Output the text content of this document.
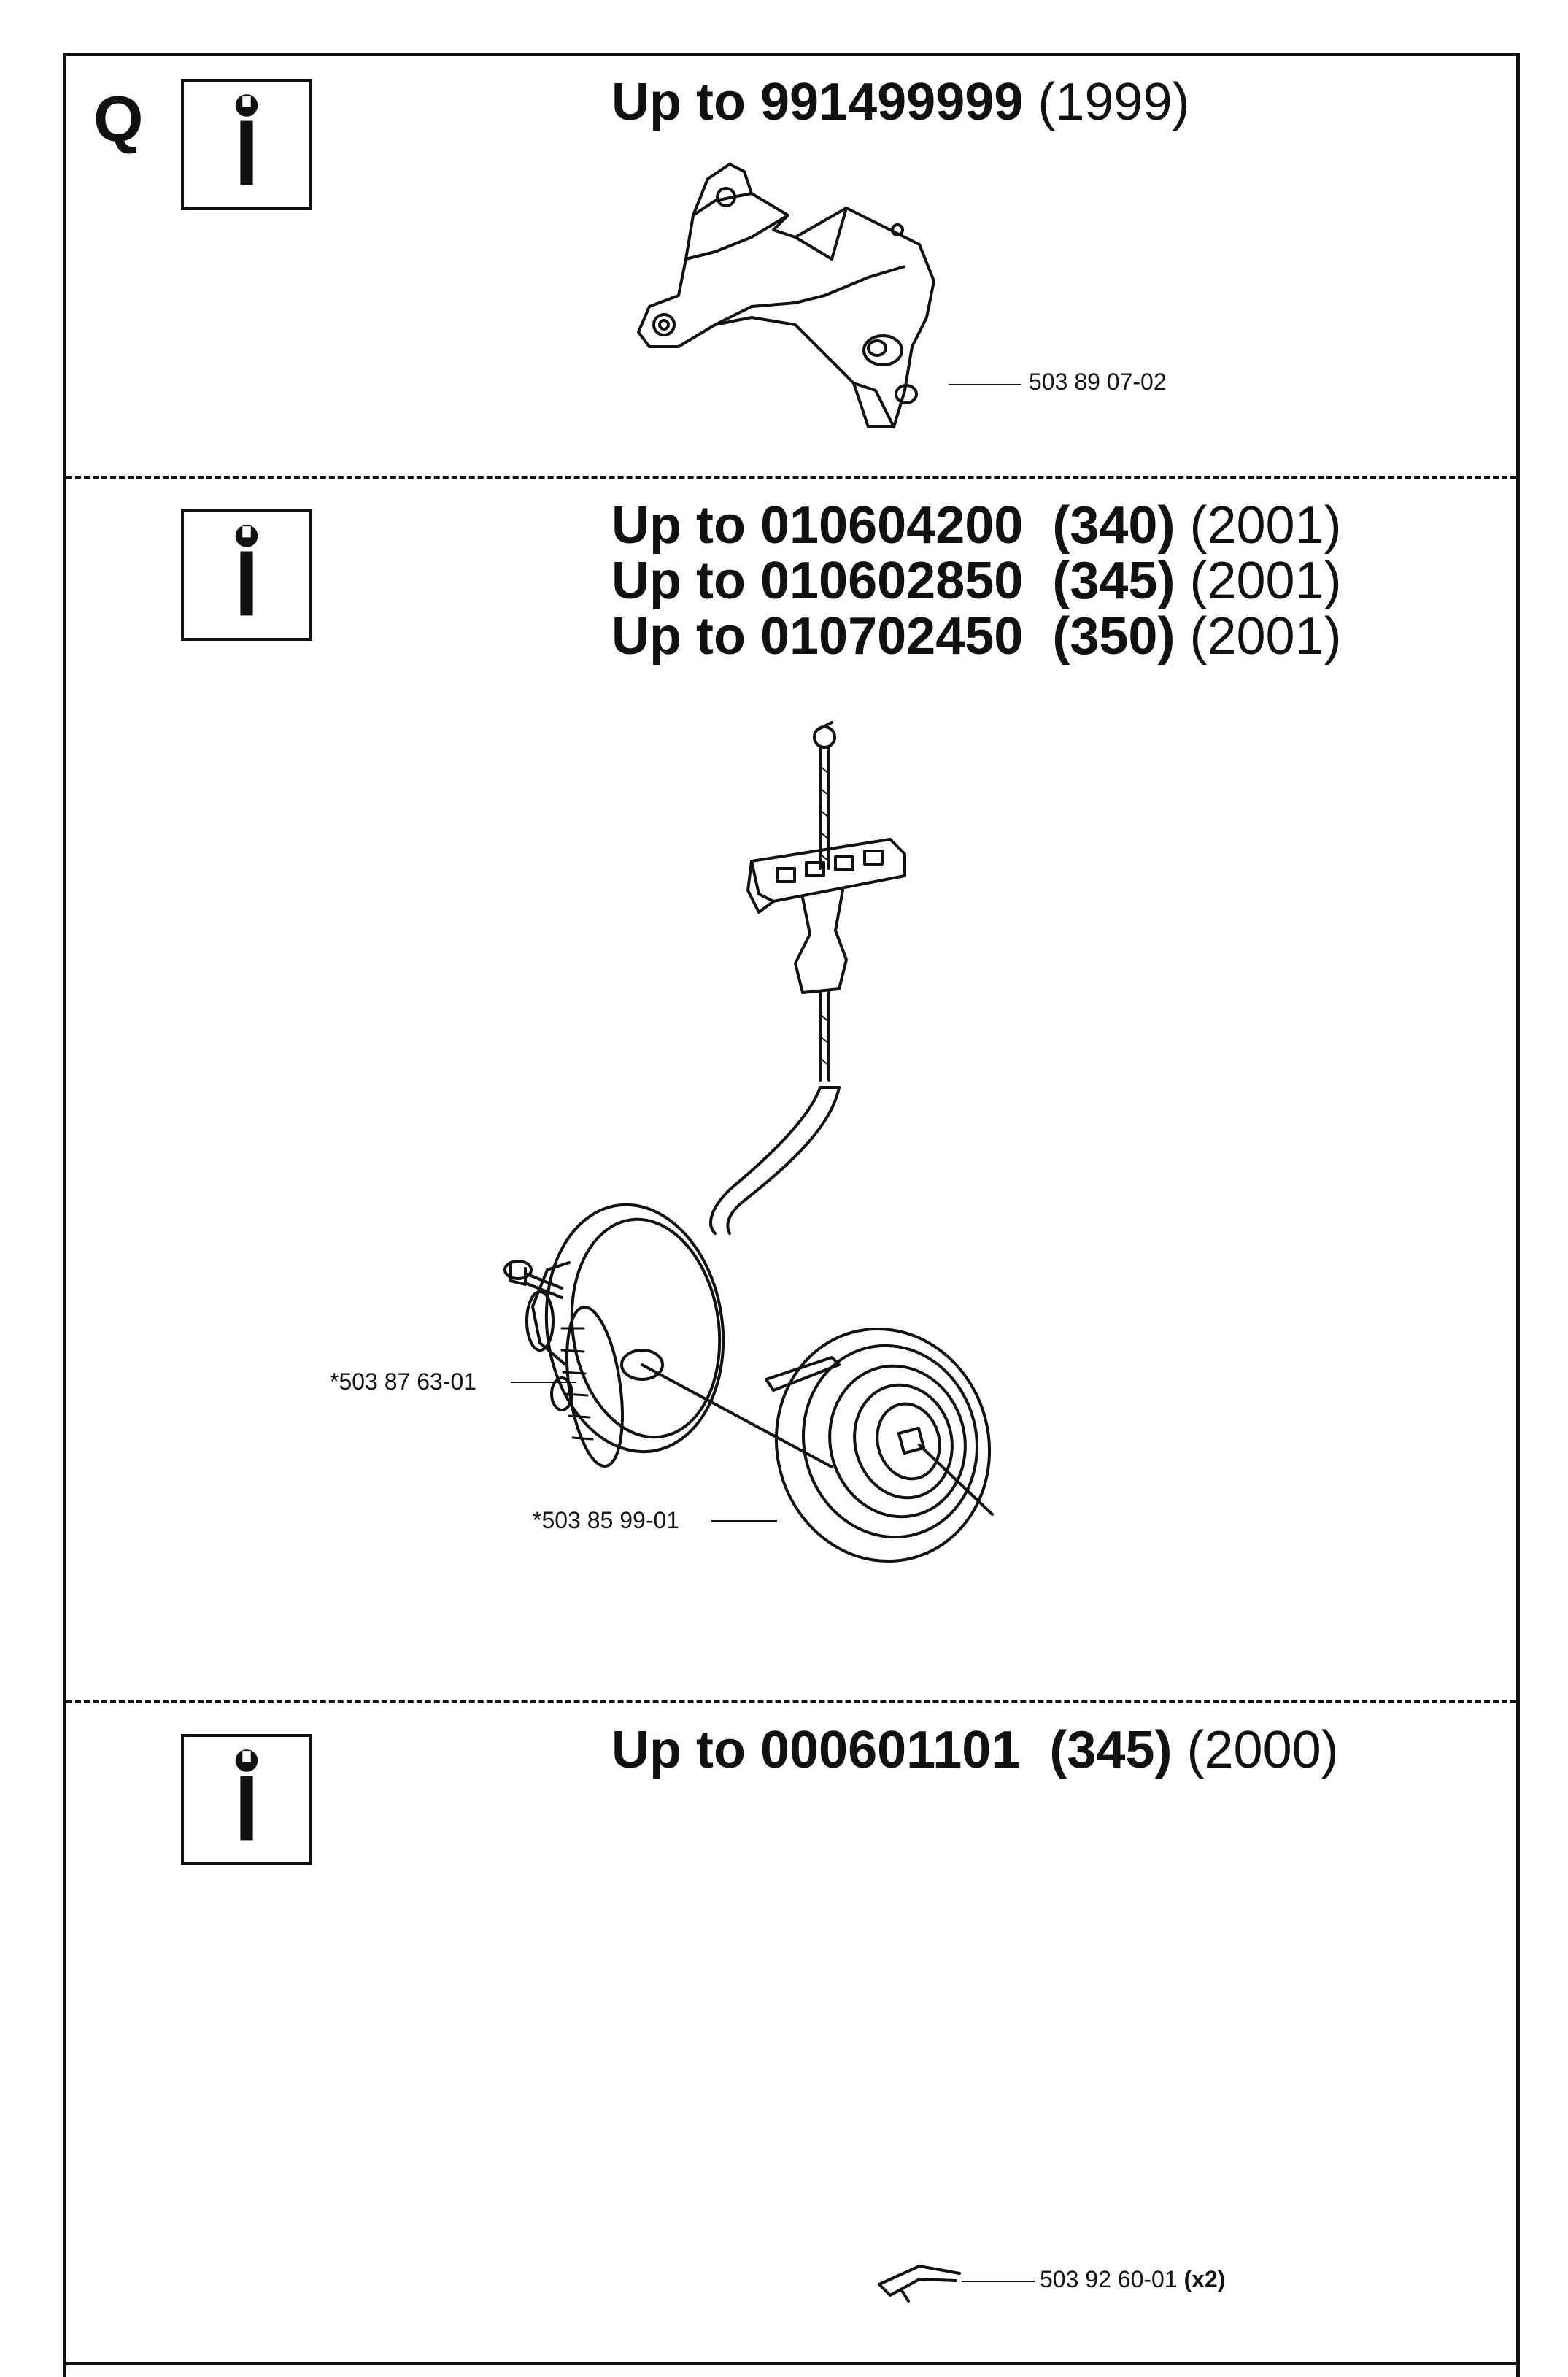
Q	Up to 991499999 (1999)
503 89 07-02
Up to 010604200 (340) (2001)
Up to 010602850 (345) (2001)
Up to 010702450 (350) (2001)
*503 87 63-01
*503 85 99-01
Up to 000601101 (345) (2000)
503 92 60-01 (x2)
